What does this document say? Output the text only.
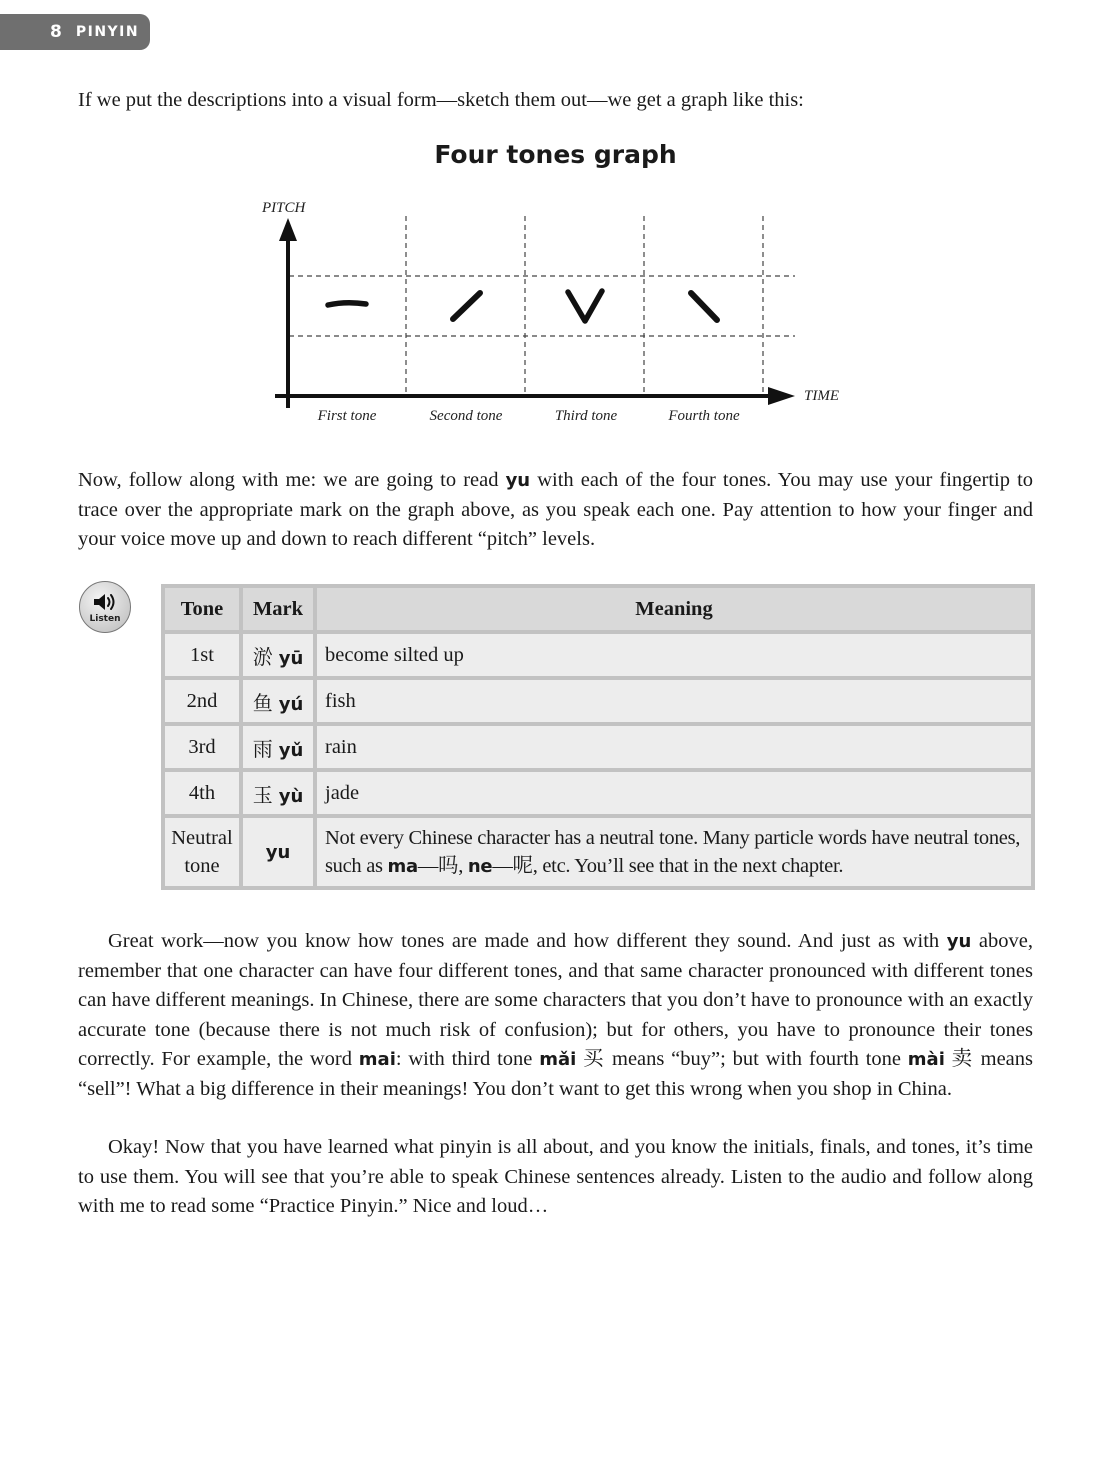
8 PINYIN

If we put the descriptions into a visual form—sketch them out—we get a graph like this:

Four tones graph
PITCH
TIME
First tone	Second tone	Third tone	Fourth tone

Now, follow along with me: we are going to read yu with each of the four tones. You may use your fingertip to trace over the appropriate mark on the graph above, as you speak each one. Pay attention to how your finger and your voice move up and down to reach different “pitch” levels.

Listen	Tone	Mark	Meaning
1st	淤 yū	become silted up
2nd	鱼 yú	fish
3rd	雨 yǔ	rain
4th	玉 yù	jade
Neutral
tone	yu	Not every Chinese character has a neutral tone. Many particle words have neutral tones, such as ma—吗, ne—呢, etc. You’ll see that in the next chapter.

Great work—now you know how tones are made and how different they sound. And just as with yu above, remember that one character can have four different tones, and that same character pronounced with different tones can have different meanings. In Chinese, there are some characters that you don’t have to pronounce with an exactly accurate tone (because there is not much risk of confusion); but for others, you have to pronounce their tones correctly. For example, the word mai: with third tone mǎi 买 means “buy”; but with fourth tone mài 卖 means “sell”! What a big difference in their meanings! You don’t want to get this wrong when you shop in China.

Okay! Now that you have learned what pinyin is all about, and you know the initials, finals, and tones, it’s time to use them. You will see that you’re able to speak Chinese sentences already. Listen to the audio and follow along with me to read some “Practice Pinyin.” Nice and loud…
